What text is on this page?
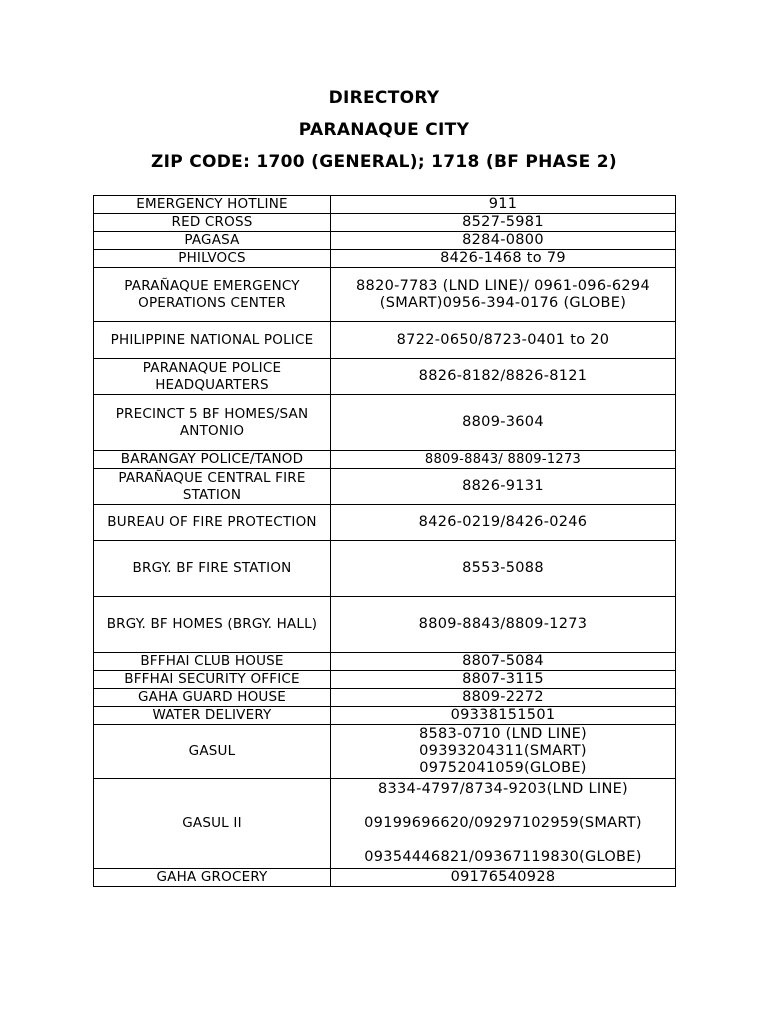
DIRECTORY
PARANAQUE CITY
ZIP CODE: 1700 (GENERAL); 1718 (BF PHASE 2)
EMERGENCY HOTLINE	911
RED CROSS	8527-5981
PAGASA	8284-0800
PHILVOCS	8426-1468 to 79
PARAÑAQUE EMERGENCY OPERATIONS CENTER	8820-7783 (LND LINE)/ 0961-096-6294 (SMART)0956-394-0176 (GLOBE)
PHILIPPINE NATIONAL POLICE	8722-0650/8723-0401 to 20
PARANAQUE POLICE HEADQUARTERS	8826-8182/8826-8121
PRECINCT 5 BF HOMES/SAN ANTONIO	8809-3604
BARANGAY POLICE/TANOD	8809-8843/ 8809-1273
PARAÑAQUE CENTRAL FIRE STATION	8826-9131
BUREAU OF FIRE PROTECTION	8426-0219/8426-0246
BRGY. BF FIRE STATION	8553-5088
BRGY. BF HOMES (BRGY. HALL)	8809-8843/8809-1273
BFFHAI CLUB HOUSE	8807-5084
BFFHAI SECURITY OFFICE	8807-3115
GAHA GUARD HOUSE	8809-2272
WATER DELIVERY	09338151501
GASUL	8583-0710 (LND LINE)
09393204311(SMART)
09752041059(GLOBE)

GASUL II	8334-4797/8734-9203(LND LINE)
09199696620/09297102959(SMART)
09354446821/09367119830(GLOBE)

GAHA GROCERY	09176540928
